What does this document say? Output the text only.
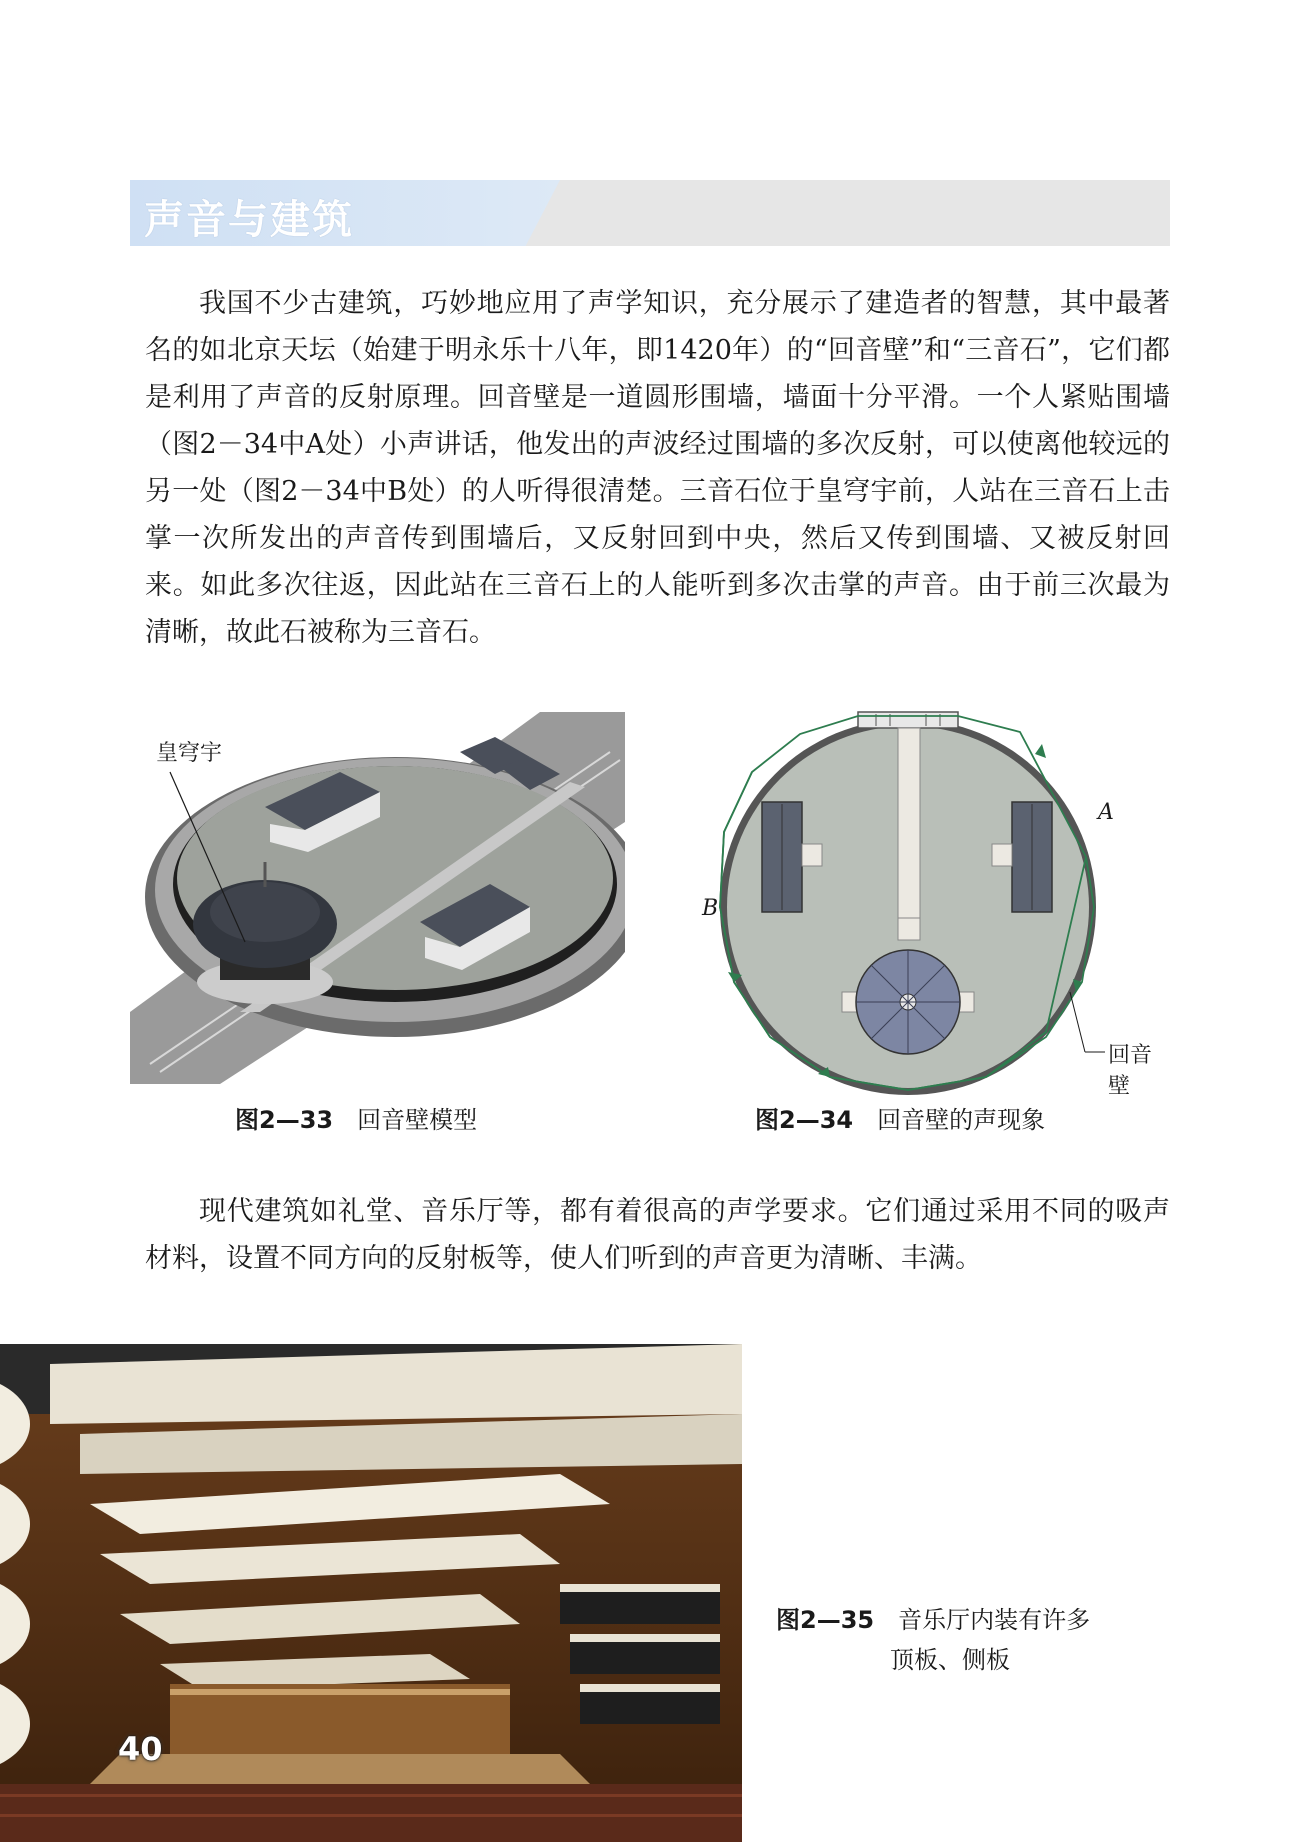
声音与建筑

我国不少古建筑，巧妙地应用了声学知识，充分展示了建造者的智慧，其中最著名的如北京天坛（始建于明永乐十八年，即1420年）的“回音壁”和“三音石”，它们都是利用了声音的反射原理。回音壁是一道圆形围墙，墙面十分平滑。一个人紧贴围墙（图2－34中A处）小声讲话，他发出的声波经过围墙的多次反射，可以使离他较远的另一处（图2－34中B处）的人听得很清楚。三音石位于皇穹宇前，人站在三音石上击掌一次所发出的声音传到围墙后，又反射回到中央，然后又传到围墙、又被反射回来。如此多次往返，因此站在三音石上的人能听到多次击掌的声音。由于前三次最为清晰，故此石被称为三音石。

皇穹宇
图2—33 回音壁模型
A
B
回音壁
图2—34 回音壁的声现象

现代建筑如礼堂、音乐厅等，都有着很高的声学要求。它们通过采用不同的吸声材料，设置不同方向的反射板等，使人们听到的声音更为清晰、丰满。

图2—35 音乐厅内装有许多
顶板、侧板
40
